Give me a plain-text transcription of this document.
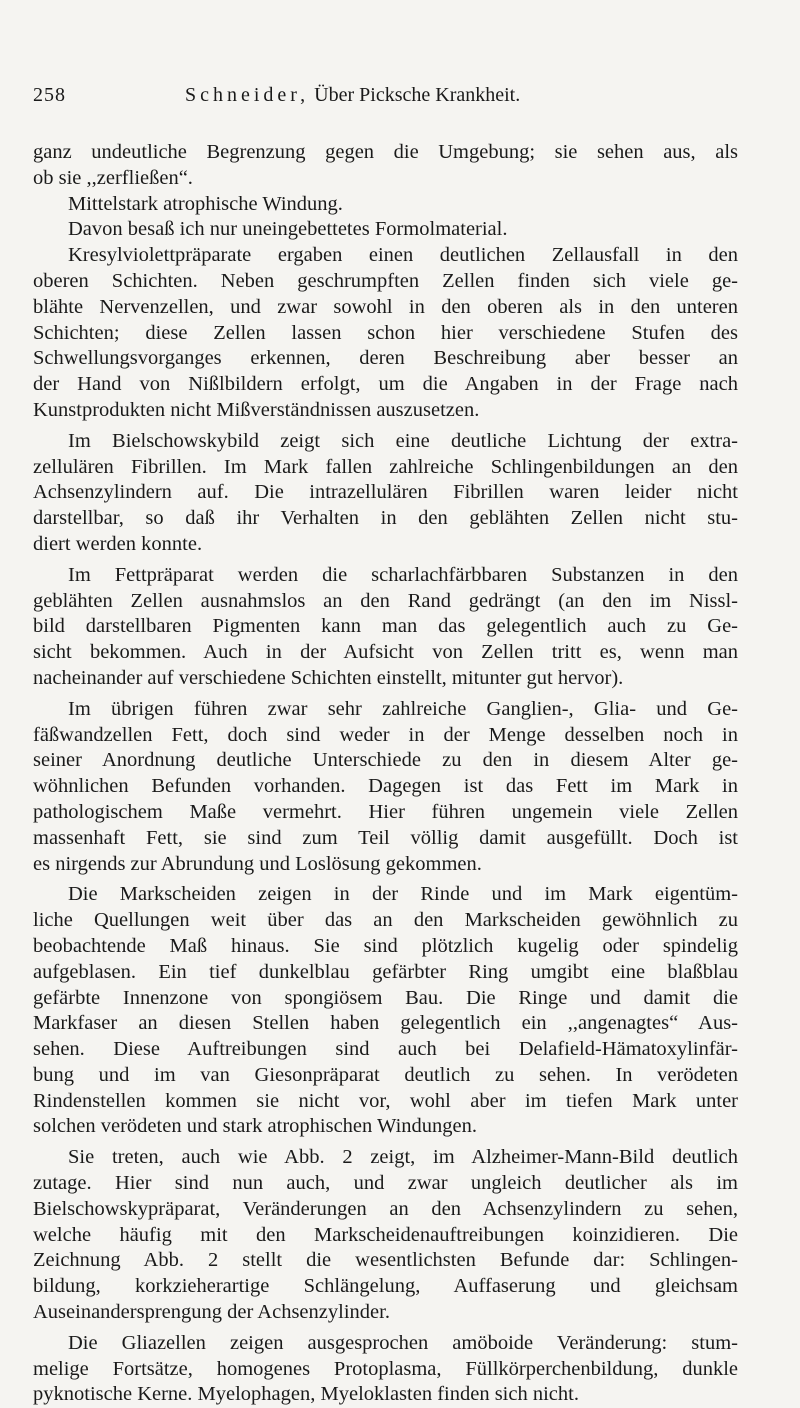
258	Schneider, Über Picksche Krankheit.
ganz undeutliche Begrenzung gegen die Umgebung; sie sehen aus, als
ob sie ,,zerfließen“.
Mittelstark atrophische Windung.
Davon besaß ich nur uneingebettetes Formolmaterial.
Kresylviolettpräparate ergaben einen deutlichen Zellausfall in den
oberen Schichten. Neben geschrumpften Zellen finden sich viele ge-
blähte Nervenzellen, und zwar sowohl in den oberen als in den unteren
Schichten; diese Zellen lassen schon hier verschiedene Stufen des
Schwellungsvorganges erkennen, deren Beschreibung aber besser an
der Hand von Nißlbildern erfolgt, um die Angaben in der Frage nach
Kunstprodukten nicht Mißverständnissen auszusetzen.
Im Bielschowskybild zeigt sich eine deutliche Lichtung der extra-
zellulären Fibrillen. Im Mark fallen zahlreiche Schlingenbildungen an den
Achsenzylindern auf. Die intrazellulären Fibrillen waren leider nicht
darstellbar, so daß ihr Verhalten in den geblähten Zellen nicht stu-
diert werden konnte.
Im Fettpräparat werden die scharlachfärbbaren Substanzen in den
geblähten Zellen ausnahmslos an den Rand gedrängt (an den im Nissl-
bild darstellbaren Pigmenten kann man das gelegentlich auch zu Ge-
sicht bekommen. Auch in der Aufsicht von Zellen tritt es, wenn man
nacheinander auf verschiedene Schichten einstellt, mitunter gut hervor).
Im übrigen führen zwar sehr zahlreiche Ganglien-, Glia- und Ge-
fäßwandzellen Fett, doch sind weder in der Menge desselben noch in
seiner Anordnung deutliche Unterschiede zu den in diesem Alter ge-
wöhnlichen Befunden vorhanden. Dagegen ist das Fett im Mark in
pathologischem Maße vermehrt. Hier führen ungemein viele Zellen
massenhaft Fett, sie sind zum Teil völlig damit ausgefüllt. Doch ist
es nirgends zur Abrundung und Loslösung gekommen.
Die Markscheiden zeigen in der Rinde und im Mark eigentüm-
liche Quellungen weit über das an den Markscheiden gewöhnlich zu
beobachtende Maß hinaus. Sie sind plötzlich kugelig oder spindelig
aufgeblasen. Ein tief dunkelblau gefärbter Ring umgibt eine blaßblau
gefärbte Innenzone von spongiösem Bau. Die Ringe und damit die
Markfaser an diesen Stellen haben gelegentlich ein ,,angenagtes“ Aus-
sehen. Diese Auftreibungen sind auch bei Delafield-Hämatoxylinfär-
bung und im van Giesonpräparat deutlich zu sehen. In verödeten
Rindenstellen kommen sie nicht vor, wohl aber im tiefen Mark unter
solchen verödeten und stark atrophischen Windungen.
Sie treten, auch wie Abb. 2 zeigt, im Alzheimer-Mann-Bild deutlich
zutage. Hier sind nun auch, und zwar ungleich deutlicher als im
Bielschowskypräparat, Veränderungen an den Achsenzylindern zu sehen,
welche häufig mit den Markscheidenauftreibungen koinzidieren. Die
Zeichnung Abb. 2 stellt die wesentlichsten Befunde dar: Schlingen-
bildung, korkzieherartige Schlängelung, Auffaserung und gleichsam
Auseinandersprengung der Achsenzylinder.
Die Gliazellen zeigen ausgesprochen amöboide Veränderung: stum-
melige Fortsätze, homogenes Protoplasma, Füllkörperchenbildung, dunkle
pyknotische Kerne. Myelophagen, Myeloklasten finden sich nicht.
